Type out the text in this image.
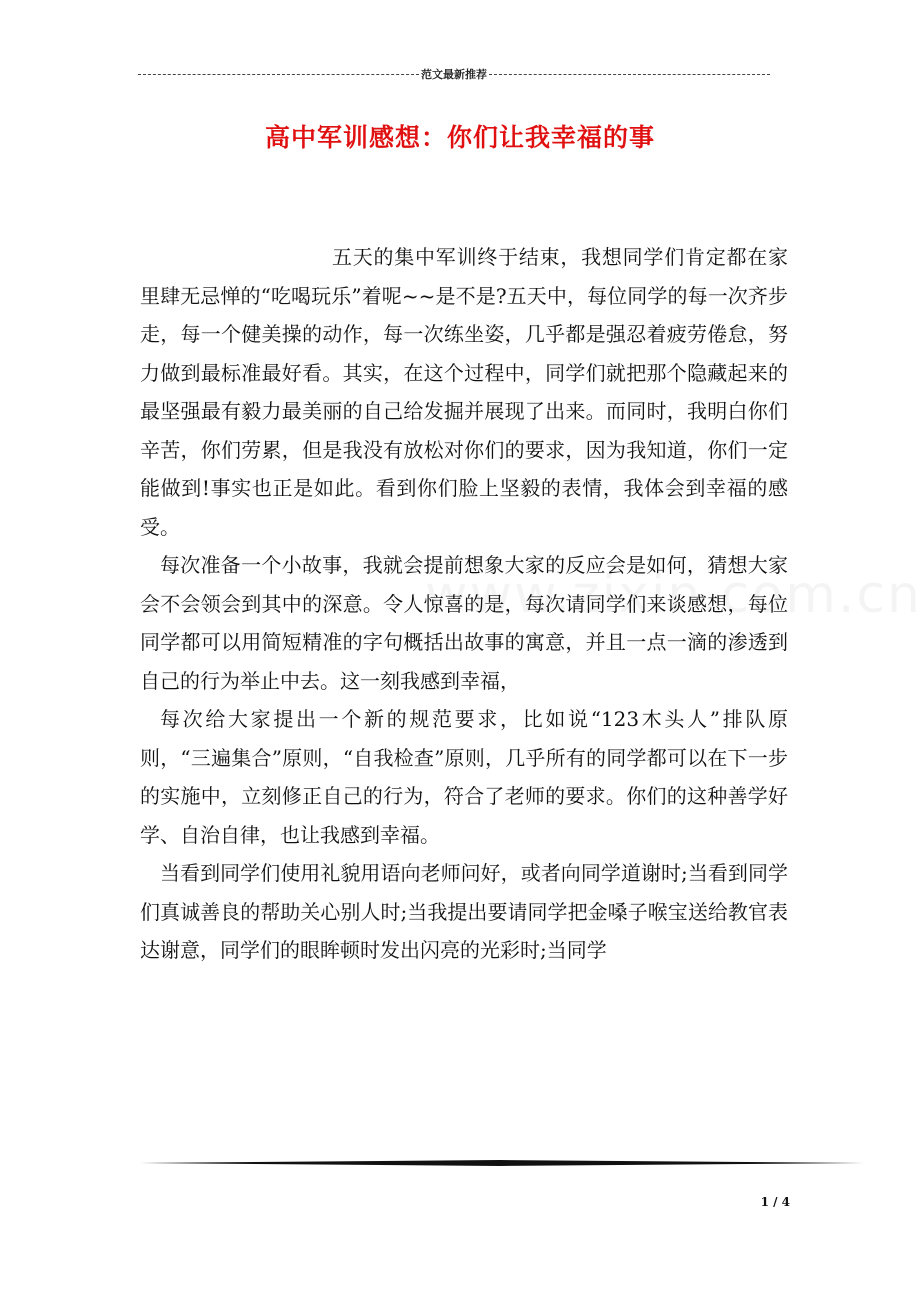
范文最新推荐
高中军训感想：你们让我幸福的事

五天的集中军训终于结束，我想同学们肯定都在家里肆无忌惮的“吃喝玩乐”着呢~~是不是?五天中，每位同学的每一次齐步走，每一个健美操的动作，每一次练坐姿，几乎都是强忍着疲劳倦怠，努力做到最标准最好看。其实，在这个过程中，同学们就把那个隐藏起来的最坚强最有毅力最美丽的自己给发掘并展现了出来。而同时，我明白你们辛苦，你们劳累，但是我没有放松对你们的要求，因为我知道，你们一定能做到!事实也正是如此。看到你们脸上坚毅的表情，我体会到幸福的感受。

每次准备一个小故事，我就会提前想象大家的反应会是如何，猜想大家会不会领会到其中的深意。令人惊喜的是，每次请同学们来谈感想，每位同学都可以用简短精准的字句概括出故事的寓意，并且一点一滴的渗透到自己的行为举止中去。这一刻我感到幸福，

每次给大家提出一个新的规范要求，比如说“123木头人”排队原则，“三遍集合”原则，“自我检查”原则，几乎所有的同学都可以在下一步的实施中，立刻修正自己的行为，符合了老师的要求。你们的这种善学好学、自治自律，也让我感到幸福。

当看到同学们使用礼貌用语向老师问好，或者向同学道谢时;当看到同学们真诚善良的帮助关心别人时;当我提出要请同学把金嗓子喉宝送给教官表达谢意，同学们的眼眸顿时发出闪亮的光彩时;当同学

1 / 4
